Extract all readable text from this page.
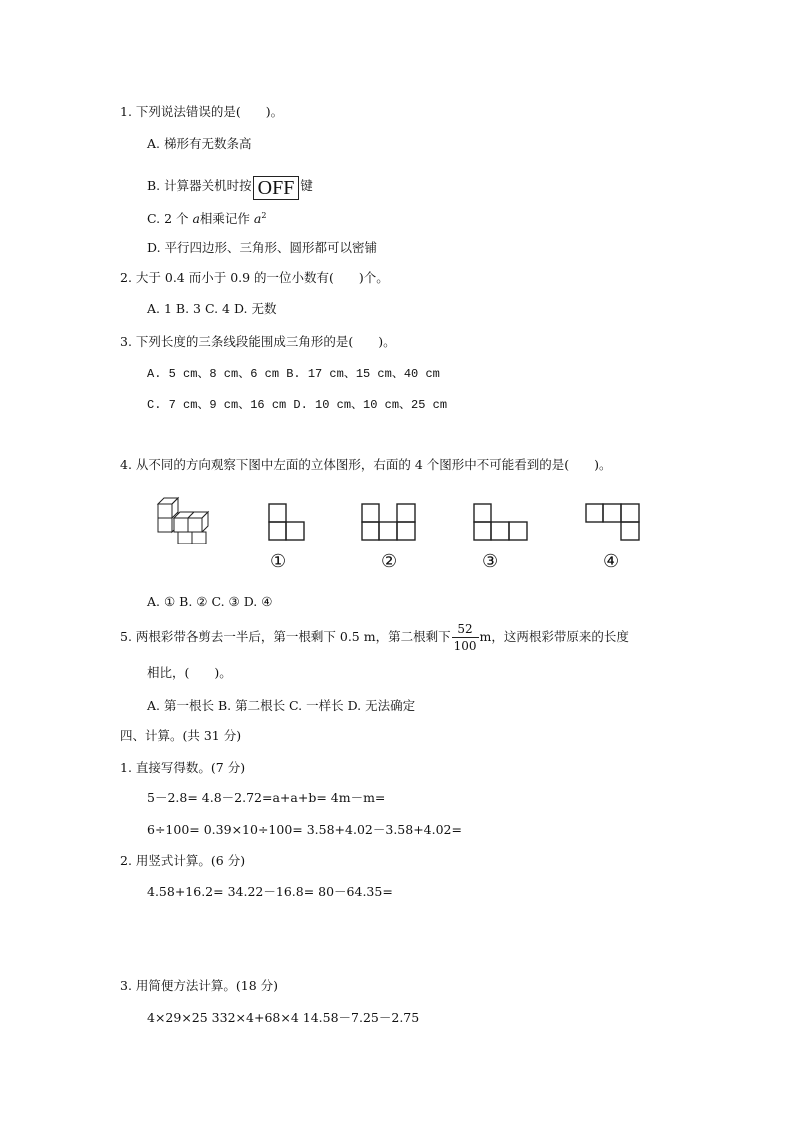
1. 下列说法错误的是(　　)。
A. 梯形有无数条高
B. 计算器关机时按 OFF 键
C. 2 个 a相乘记作 $a^2$
D. 平行四边形、三角形、圆形都可以密铺
2. 大于 0.4 而小于 0.9 的一位小数有(　　)个。
A. 1 B. 3 C. 4 D. 无数
3. 下列长度的三条线段能围成三角形的是(　　)。
A. 5 cm、8 cm、6 cm B. 17 cm、15 cm、40 cm
C. 7 cm、9 cm、16 cm D. 10 cm、10 cm、25 cm
4. 从不同的方向观察下图中左面的立体图形，右面的 4 个图形中不可能看到的是(　　)。
①	②	③	④
A. ① B. ② C. ③ D. ④
5. 两根彩带各剪去一半后，第一根剩下 0.5 m，第二根剩下 $\frac{52}{100}$ m，这两根彩带原来的长度
相比，(　　)。
A. 第一根长 B. 第二根长 C. 一样长 D. 无法确定
四、计算。(共 31 分)
1. 直接写得数。(7 分)
5－2.8= 4.8－2.72=a+a+b= 4m－m=
6÷100= 0.39×10÷100= 3.58+4.02－3.58+4.02=
2. 用竖式计算。(6 分)
4.58+16.2= 34.22－16.8= 80－64.35=
3. 用简便方法计算。(18 分)
4×29×25 332×4+68×4 14.58－7.25－2.75
